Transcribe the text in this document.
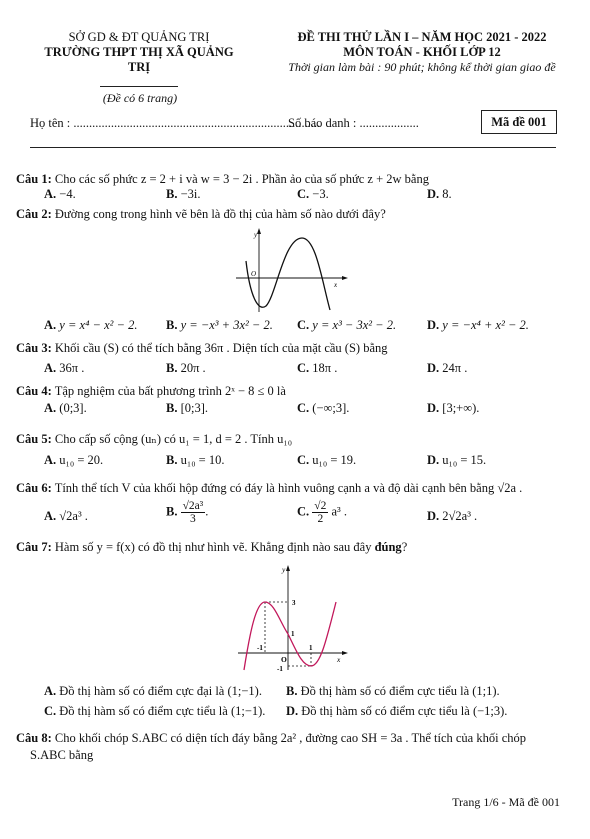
SỞ GD & ĐT QUẢNG TRỊ
TRƯỜNG THPT THỊ XÃ QUẢNG
TRỊ
(Đề có 6 trang)
ĐỀ THI THỬ LẦN I – NĂM HỌC 2021 - 2022
MÔN TOÁN - KHỐI LỚP 12
Thời gian làm bài : 90 phút; không kể thời gian giao đề
Họ tên : ...............................................................................
Số báo danh : ...................	Mã đề 001
Câu 1: Cho các số phức z = 2 + i và w = 3 − 2i . Phần ảo của số phức z + 2w bằng
A. −4.	B. −3i.	C. −3.	D. 8.
Câu 2: Đường cong trong hình vẽ bên là đồ thị của hàm số nào dưới đây?
y
x
O
A. y = x⁴ − x² − 2. B. y = −x³ + 3x² − 2. C. y = x³ − 3x² − 2. D. y = −x⁴ + x² − 2.
Câu 3: Khối cầu (S) có thể tích bằng 36π . Diện tích của mặt cầu (S) bằng
A. 36π .	B. 20π .	C. 18π .	D. 24π .
Câu 4: Tập nghiệm của bất phương trình 2ˣ − 8 ≤ 0 là
A. (0;3].	B. [0;3].	C. (−∞;3].	D. [3;+∞).
Câu 5: Cho cấp số cộng (uₙ) có u₁ = 1, d = 2 . Tính u₁₀
A. u₁₀ = 20.	B. u₁₀ = 10.	C. u₁₀ = 19.	D. u₁₀ = 15.
Câu 6: Tính thể tích V của khối hộp đứng có đáy là hình vuông cạnh a và độ dài cạnh bên bằng √2a .
A. √2a³ .	B. $\frac{\text{√2a³}}{3}$ .	C. $\frac{√2}{2} a^3$ .	D. 2√2a³ .
Câu 7: Hàm số y = f(x) có đồ thị như hình vẽ. Khẳng định nào sau đây đúng?
y
x
O
3
1
-1	1
-1
A. Đồ thị hàm số có điểm cực đại là (1;−1). B. Đồ thị hàm số có điểm cực tiểu là (1;1).
C. Đồ thị hàm số có điểm cực tiểu là (1;−1). D. Đồ thị hàm số có điểm cực tiểu là (−1;3).
Câu 8: Cho khối chóp S.ABC có diện tích đáy bằng 2a² , đường cao SH = 3a . Thể tích của khối chóp
S.ABC bằng
Trang 1/6 - Mã đề 001
